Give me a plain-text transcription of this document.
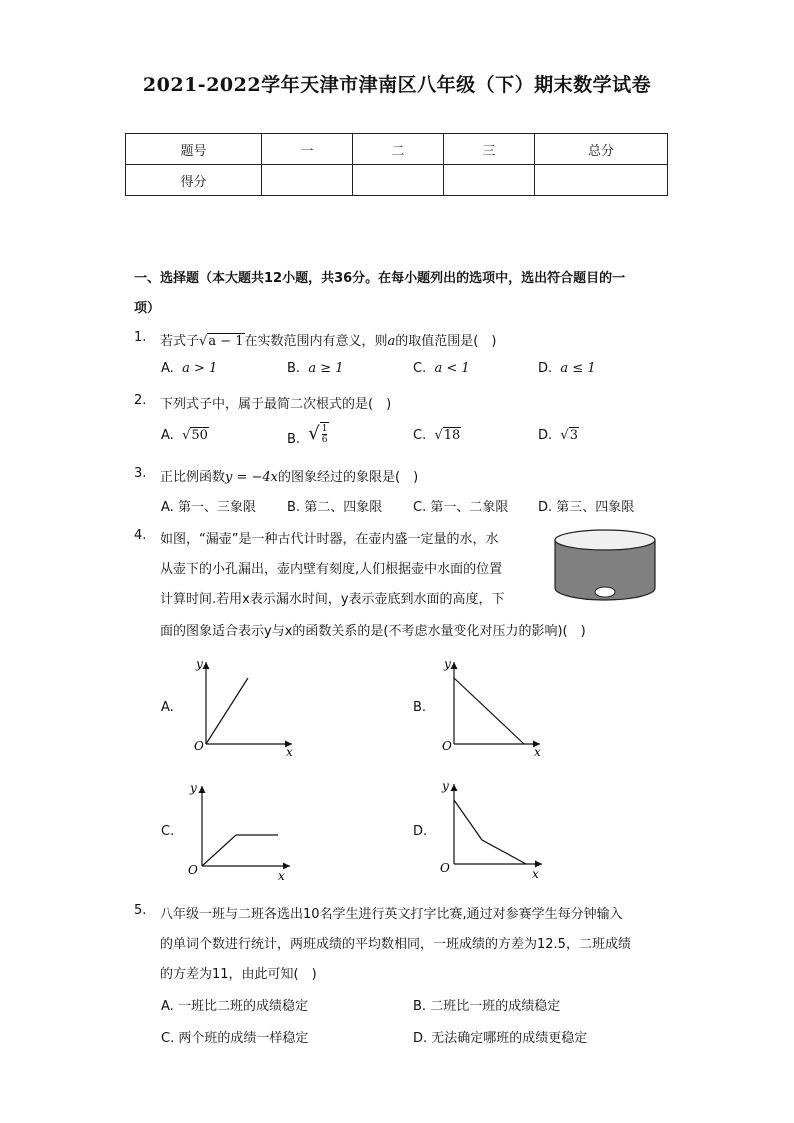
2021-2022学年天津市津南区八年级（下）期末数学试卷
题号	一	二	三	总分
得分				
一、选择题（本大题共12小题，共36分。在每小题列出的选项中，选出符合题目的一
项）
1. 若式子√a − 1在实数范围内有意义，则a的取值范围是(　)
A. a > 1	B. a ≥ 1	C. a < 1	D. a ≤ 1
2. 下列式子中，属于最简二次根式的是(　)
A. √50	B. √ $\frac{1}{6}$	C. √18	D. √3
3. 正比例函数y = −4x的图象经过的象限是(　)
A. 第一、三象限 B. 第二、四象限 C. 第一、二象限 D. 第三、四象限
4. 如图，“漏壶”是一种古代计时器，在壶内盛一定量的水，水
从壶下的小孔漏出，壶内壁有刻度,人们根据壶中水面的位置
计算时间.若用x表示漏水时间，y表示壶底到水面的高度，下
面的图象适合表示y与x的函数关系的是(不考虑水量变化对压力的影响)(　)
A.
y
x
O
B.
y
x
O
C.
y
x
O
D.
y
x
O
5. 八年级一班与二班各选出10名学生进行英文打字比赛,通过对参赛学生每分钟输入
的单词个数进行统计，两班成绩的平均数相同，一班成绩的方差为12.5，二班成绩
的方差为11，由此可知(　)
A. 一班比二班的成绩稳定	B. 二班比一班的成绩稳定
C. 两个班的成绩一样稳定	D. 无法确定哪班的成绩更稳定
